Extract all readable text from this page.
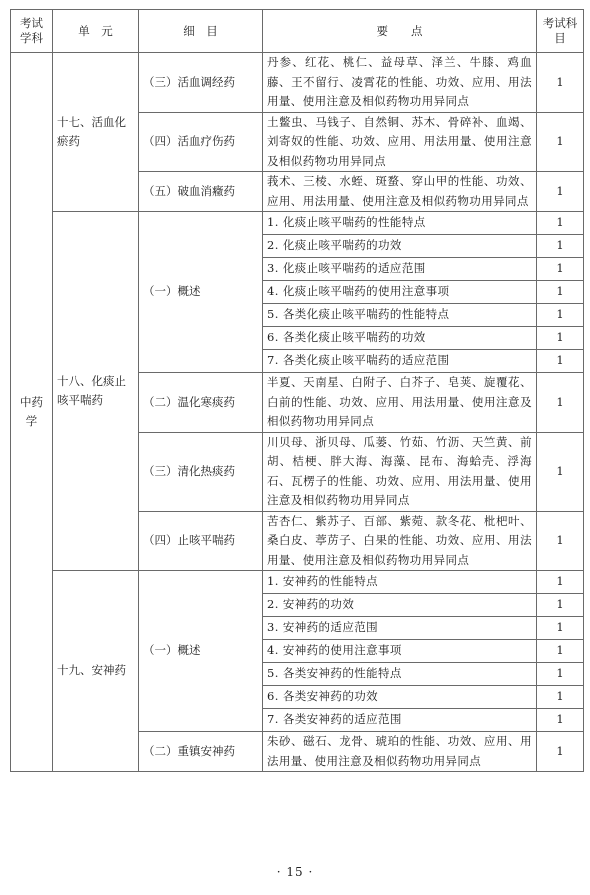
考试学科	单　元	细　目	要　　点	考试科目
中药学	十七、活血化瘀药	（三）活血调经药	丹参、红花、桃仁、益母草、泽兰、牛膝、鸡血藤、王不留行、凌霄花的性能、功效、应用、用法用量、使用注意及相似药物功用异同点	1
		（四）活血疗伤药	土鳖虫、马钱子、自然铜、苏木、骨碎补、血竭、刘寄奴的性能、功效、应用、用法用量、使用注意及相似药物功用异同点	1
		（五）破血消癥药	莪术、三棱、水蛭、斑蝥、穿山甲的性能、功效、应用、用法用量、使用注意及相似药物功用异同点	1
	十八、化痰止咳平喘药	（一）概述	1. 化痰止咳平喘药的性能特点	1
			2. 化痰止咳平喘药的功效	1
			3. 化痰止咳平喘药的适应范围	1
			4. 化痰止咳平喘药的使用注意事项	1
			5. 各类化痰止咳平喘药的性能特点	1
			6. 各类化痰止咳平喘药的功效	1
			7. 各类化痰止咳平喘药的适应范围	1
		（二）温化寒痰药	半夏、天南星、白附子、白芥子、皂荚、旋覆花、白前的性能、功效、应用、用法用量、使用注意及相似药物功用异同点	1
		（三）清化热痰药	川贝母、浙贝母、瓜蒌、竹茹、竹沥、天竺黄、前胡、桔梗、胖大海、海藻、昆布、海蛤壳、浮海石、瓦楞子的性能、功效、应用、用法用量、使用注意及相似药物功用异同点	1
		（四）止咳平喘药	苦杏仁、紫苏子、百部、紫菀、款冬花、枇杷叶、桑白皮、葶苈子、白果的性能、功效、应用、用法用量、使用注意及相似药物功用异同点	1
	十九、安神药	（一）概述	1. 安神药的性能特点	1
			2. 安神药的功效	1
			3. 安神药的适应范围	1
			4. 安神药的使用注意事项	1
			5. 各类安神药的性能特点	1
			6. 各类安神药的功效	1
			7. 各类安神药的适应范围	1
		（二）重镇安神药	朱砂、磁石、龙骨、琥珀的性能、功效、应用、用法用量、使用注意及相似药物功用异同点	1
· 15 ·
